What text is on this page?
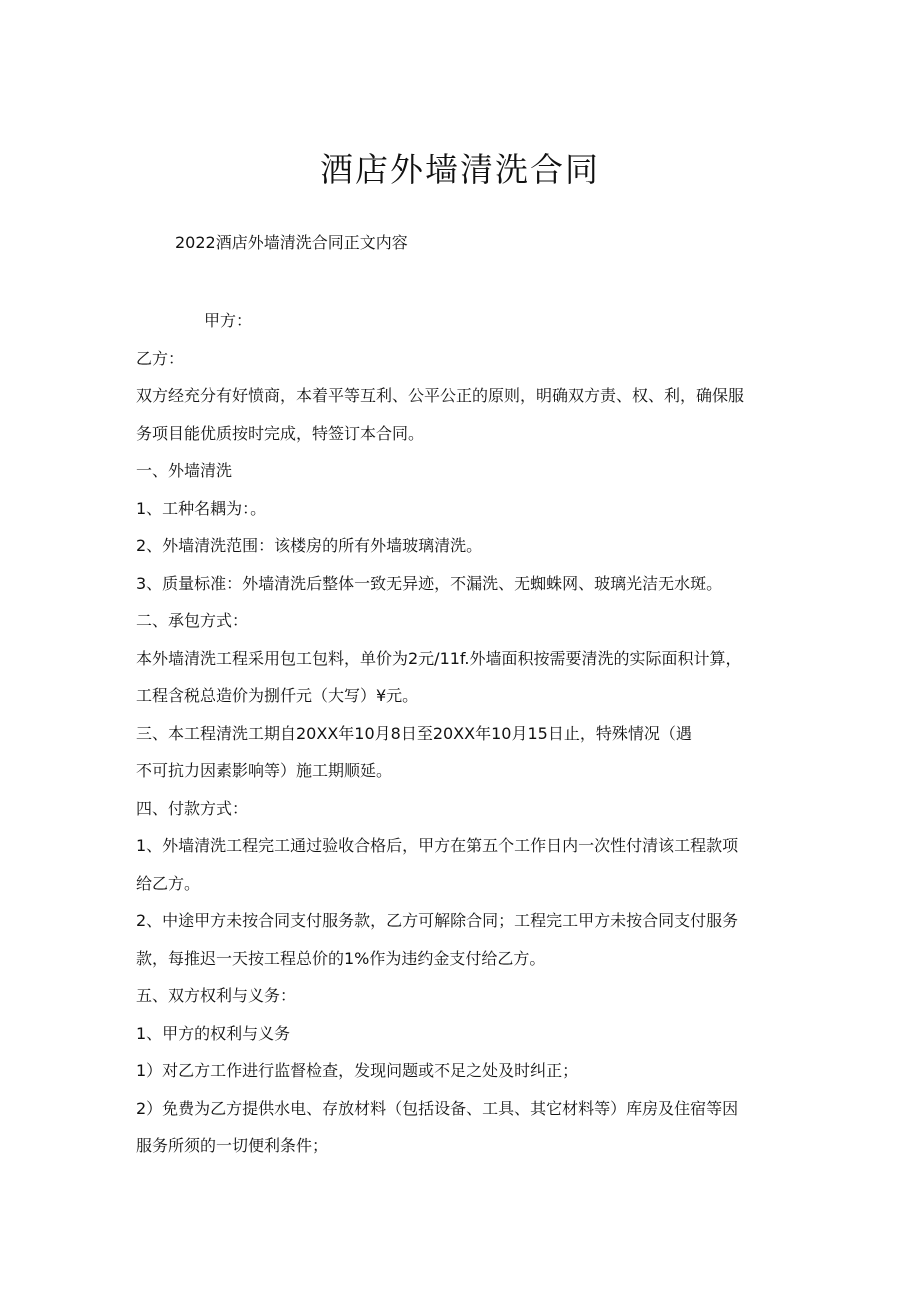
酒店外墙清洗合同
2022酒店外墙清洗合同正文内容

甲方：

乙方：

双方经充分有好愤商，本着平等互利、公平公正的原则，明确双方责、权、利，确保服

务项目能优质按时完成，特签订本合同。

一、外墙清洗

1、工种名耦为：。

2、外墙清洗范围：该楼房的所有外墙玻璃清洗。

3、质量标准：外墙清洗后整体一致无异迹，不漏洗、无蜘蛛网、玻璃光洁无水斑。

二、承包方式：

本外墙清洗工程采用包工包料，单价为2元/11f.外墙面积按需要清洗的实际面积计算，

工程含税总造价为捌仟元（大写）¥元。

三、本工程清洗工期自20XX年10月8日至20XX年10月15日止，特殊情况（遇

不可抗力因素影响等）施工期顺延。

四、付款方式：

1、外墙清洗工程完工通过验收合格后，甲方在第五个工作日内一次性付清该工程款项

给乙方。

2、中途甲方未按合同支付服务款，乙方可解除合同；工程完工甲方未按合同支付服务

款，每推迟一天按工程总价的1%作为违约金支付给乙方。

五、双方权利与义务：

1、甲方的权利与义务

1）对乙方工作进行监督检查，发现问题或不足之处及时纠正；

2）免费为乙方提供水电、存放材料（包括设备、工具、其它材料等）库房及住宿等因

服务所须的一切便利条件；
